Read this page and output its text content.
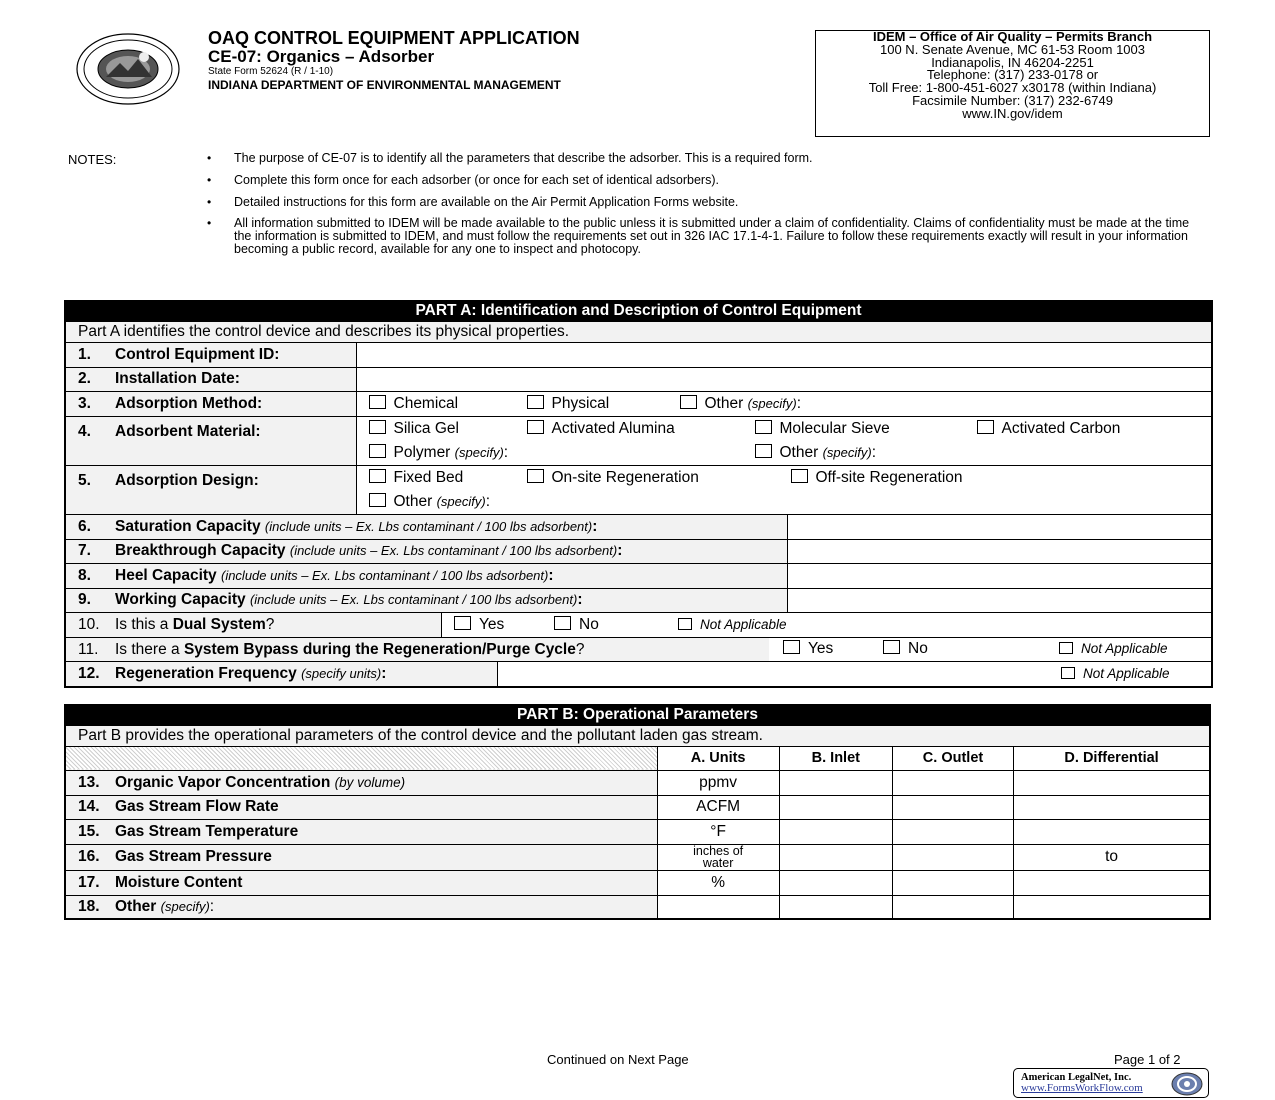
OAQ CONTROL EQUIPMENT APPLICATION
CE-07: Organics – Adsorber
State Form 52624 (R / 1-10)
INDIANA DEPARTMENT OF ENVIRONMENTAL MANAGEMENT
IDEM – Office of Air Quality – Permits Branch
100 N. Senate Avenue, MC 61-53 Room 1003
Indianapolis, IN 46204-2251
Telephone: (317) 233-0178 or
Toll Free: 1-800-451-6027 x30178 (within Indiana)
Facsimile Number: (317) 232-6749
www.IN.gov/idem
NOTES:	• The purpose of CE-07 is to identify all the parameters that describe the adsorber. This is a required form.
• Complete this form once for each adsorber (or once for each set of identical adsorbers).
• Detailed instructions for this form are available on the Air Permit Application Forms website.
• All information submitted to IDEM will be made available to the public unless it is submitted under a claim of confidentiality. Claims of confidentiality must be made at the time the information is submitted to IDEM, and must follow the requirements set out in 326 IAC 17.1-4-1. Failure to follow these requirements exactly will result in your information becoming a public record, available for any one to inspect and photocopy.
PART A: Identification and Description of Control Equipment		
Part A identifies the control device and describes its physical properties.		
1. Control Equipment ID:		
2. Installation Date:		
3. Adsorption Method:	Chemical Physical Other (specify):	
4. Adsorbent Material:	Silica Gel Activated Alumina Molecular Sieve Activated Carbon
Polymer (specify): Other (specify):	

5. Adsorption Design:	Fixed Bed On-site Regeneration Off-site Regeneration
Other (specify):	

6. Saturation Capacity (include units – Ex. Lbs contaminant / 100 lbs adsorbent):		
7. Breakthrough Capacity (include units – Ex. Lbs contaminant / 100 lbs adsorbent):		
8. Heel Capacity (include units – Ex. Lbs contaminant / 100 lbs adsorbent):		
9. Working Capacity (include units – Ex. Lbs contaminant / 100 lbs adsorbent):		

10. Is this a Dual System? Yes No Not Applicable		

11. Is there a System Bypass during the Regeneration/Purge Cycle? Yes No Not Applicable		

12. Regeneration Frequency (specify units): Not Applicable		
PART B: Operational Parameters				
Part B provides the operational parameters of the control device and the pollutant laden gas stream.				
	A. Units	B. Inlet	C. Outlet	D. Differential
13. Organic Vapor Concentration (by volume)	ppmv			
14. Gas Stream Flow Rate	ACFM			
15. Gas Stream Temperature	°F			
16. Gas Stream Pressure	inches of water			to
17. Moisture Content	%			
18. Other (specify):				
Continued on Next Page	Page 1 of 2
American LegalNet, Inc.
www.FormsWorkFlow.com
